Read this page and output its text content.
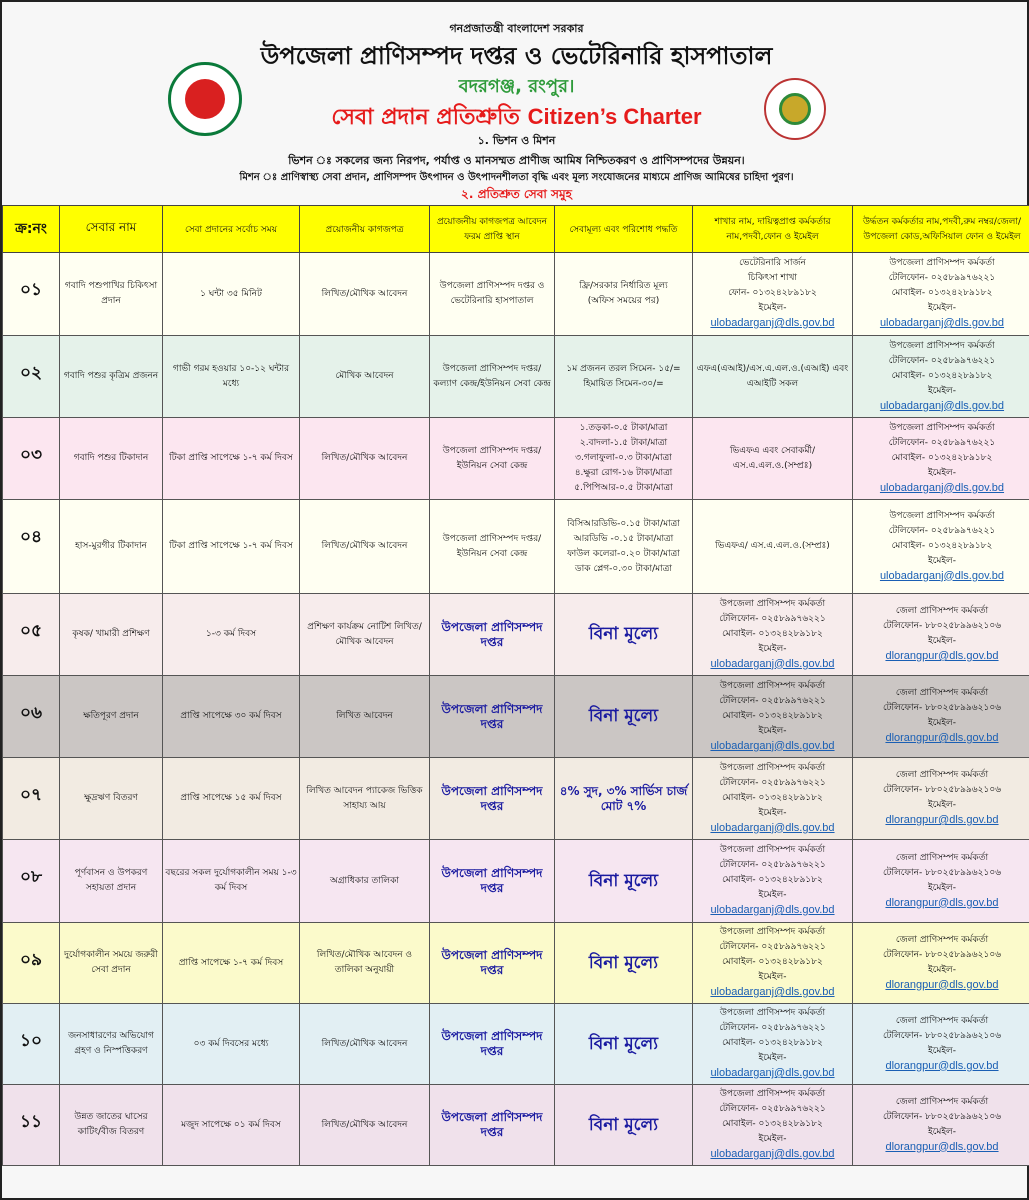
গনপ্রজাতন্ত্রী বাংলাদেশ সরকার
উপজেলা প্রাণিসম্পদ দপ্তর ও ভেটেরিনারি হাসপাতাল
বদরগঞ্জ, রংপুর।
সেবা প্রদান প্রতিশ্রুতি Citizen’s Charter
১. ভিশন ও মিশন
ভিশন ঃ সকলের জন্য নিরপদ, পর্যাপ্ত ও মানসম্মত প্রাণীজ আমিষ নিশ্চিতকরণ ও প্রাণিসম্পদের উন্নয়ন।
মিশন ঃ প্রাণিস্বাস্থ্য সেবা প্রদান, প্রাণিসম্পদ উৎপাদন ও উৎপাদনশীলতা বৃদ্ধি এবং মূল্য সংযোজনের মাধ্যমে প্রাণিজ আমিষের চাহিদা পুরণ।
২. প্রতিশ্রুত সেবা সমুহ
ক্র:নং	সেবার নাম	সেবা প্রদানের সর্বোচ সময়	প্রয়োজনীয় কাগজপত্র	প্রয়োজনীয় কাগজপত্র আবেদন ফরম প্রাপ্তি স্থান	সেবামূল্য এবং পরিশোধ পদ্ধতি	শাখার নাম, দায়িত্বপ্রাপ্ত কর্মকর্তার নাম,পদবী,ফোন ও ইমেইল	উর্দ্ধতন কর্মকর্তার নাম,পদবী,রুম নম্বর/জেলা/উপজেলা কোড,অফিসিয়াল ফোন ও ইমেইল
০১	গবাদি পশুপাখির চিকিৎসা প্রদান	১ ঘন্টা ৩৫ মিনিট	লিখিত/মৌখিক আবেদন	উপজেলা প্রাণিসম্পদ দপ্তর ও ভেটেরিনারি হাসপাতাল	ফ্রি/সরকার নির্ধারিত মূল্য
(অফিস সময়ের পর)	ভেটেরিনারি সার্জন
চিকিৎসা শাখা
ফোন- ০১৩২৪২৮৯১৮২
ইমেইল-
ulobadarganj@dls.gov.bd	উপজেলা প্রাণিসম্পদ কর্মকর্তা
টেলিফোন- ০২৫৮৯৯৭৬২২১
মোবাইল- ০১৩২৪২৮৯১৮২
ইমেইল-
ulobadarganj@dls.gov.bd
০২	গবাদি পশুর কৃত্রিম প্রজনন	গাভী গরম হওয়ার ১০-১২ ঘন্টার মধ্যে	মৌখিক আবেদন	উপজেলা প্রাণিসম্পদ দপ্তর/কল্যাণ কেন্দ্র/ইউনিয়ন সেবা কেন্দ্র	১ম প্রজনন তরল সিমেন- ১৫/=
হিমায়িত সিমেন-৩০/=	এফএ(এআই)/এস.এ.এল.ও.(এআই) এবং এআইটি সকল	উপজেলা প্রাণিসম্পদ কর্মকর্তা
টেলিফোন- ০২৫৮৯৯৭৬২২১
মোবাইল- ০১৩২৪২৮৯১৮২
ইমেইল-
ulobadarganj@dls.gov.bd
০৩	গবাদি পশুর টিকাদান	টিকা প্রাপ্তি সাপেক্ষে ১-৭ কর্ম দিবস	লিখিত/মৌখিক আবেদন	উপজেলা প্রাণিসম্পদ দপ্তর/ইউনিয়ন সেবা কেন্দ্র	১.তড়কা-০.৫ টাকা/মাত্রা
২.বাদলা-১.৫ টাকা/মাত্রা
৩.গলাফুলা-০.৩ টাকা/মাত্রা
৪.ক্ষুরা রোগ-১৬ টাকা/মাত্রা
৫.পিপিআর-০.৫ টাকা/মাত্রা	ভিএফএ এবং সেবাকর্মী/
এস.এ.এল.ও.(সম্প্রঃ)	উপজেলা প্রাণিসম্পদ কর্মকর্তা
টেলিফোন- ০২৫৮৯৯৭৬২২১
মোবাইল- ০১৩২৪২৮৯১৮২
ইমেইল-
ulobadarganj@dls.gov.bd
০৪	হাস-মুরগীর টিকাদান	টিকা প্রাপ্তি সাপেক্ষে ১-৭ কর্ম দিবস	লিখিত/মৌখিক আবেদন	উপজেলা প্রাণিসম্পদ দপ্তর/ইউনিয়ন সেবা কেন্দ্র	বিসিআরডিভি-০.১৫ টাকা/মাত্রা
আরডিভি -০.১৫ টাকা/মাত্রা
ফাউল কলেরা-০.২০ টাকা/মাত্রা
ডাক প্লেগ-০.৩০ টাকা/মাত্রা	ভিএফএ/ এস.এ.এল.ও.(সম্প্রঃ)	উপজেলা প্রাণিসম্পদ কর্মকর্তা
টেলিফোন- ০২৫৮৯৯৭৬২২১
মোবাইল- ০১৩২৪২৮৯১৮২
ইমেইল-
ulobadarganj@dls.gov.bd
০৫	কৃষক/ খামারী প্রশিক্ষণ	১-৩ কর্ম দিবস	প্রশিক্ষণ কার্যক্রম নোটিশ লিখিত/মৌখিক আবেদন	উপজেলা প্রাণিসম্পদ দপ্তর	বিনা মূল্যে	উপজেলা প্রাণিসম্পদ কর্মকর্তা
টেলিফোন- ০২৫৮৯৯৭৬২২১
মোবাইল- ০১৩২৪২৮৯১৮২
ইমেইল-
ulobadarganj@dls.gov.bd	জেলা প্রাণিসম্পদ কর্মকর্তা
টেলিফোন- ৮৮০২৫৮৯৯৬২১০৬
ইমেইল-
dlorangpur@dls.gov.bd
০৬	ক্ষতিপূরণ প্রদান	প্রাপ্তি সাপেক্ষে ৩০ কর্ম দিবস	লিখিত আবেদন	উপজেলা প্রাণিসম্পদ দপ্তর	বিনা মূল্যে	উপজেলা প্রাণিসম্পদ কর্মকর্তা
টেলিফোন- ০২৫৮৯৯৭৬২২১
মোবাইল- ০১৩২৪২৮৯১৮২
ইমেইল-
ulobadarganj@dls.gov.bd	জেলা প্রাণিসম্পদ কর্মকর্তা
টেলিফোন- ৮৮০২৫৮৯৯৬২১০৬
ইমেইল-
dlorangpur@dls.gov.bd
০৭	ক্ষুদ্রঋণ বিতরণ	প্রাপ্তি সাপেক্ষে ১৫ কর্ম দিবস	লিখিত আবেদন প্যাকেজ ভিত্তিক সাহায্য আয়	উপজেলা প্রাণিসম্পদ দপ্তর	৪% সুদ, ৩% সার্ভিস চার্জ
মোট ৭%	উপজেলা প্রাণিসম্পদ কর্মকর্তা
টেলিফোন- ০২৫৮৯৯৭৬২২১
মোবাইল- ০১৩২৪২৮৯১৮২
ইমেইল-
ulobadarganj@dls.gov.bd	জেলা প্রাণিসম্পদ কর্মকর্তা
টেলিফোন- ৮৮০২৫৮৯৯৬২১০৬
ইমেইল-
dlorangpur@dls.gov.bd
০৮	পূর্ণবাসন ও উপকরণ সহায়তা প্রদান	বছরের সকল দুর্যোগকালীন সময় ১-৩ কর্ম দিবস	অগ্রাধিকার তালিকা	উপজেলা প্রাণিসম্পদ দপ্তর	বিনা মূল্যে	উপজেলা প্রাণিসম্পদ কর্মকর্তা
টেলিফোন- ০২৫৮৯৯৭৬২২১
মোবাইল- ০১৩২৪২৮৯১৮২
ইমেইল-
ulobadarganj@dls.gov.bd	জেলা প্রাণিসম্পদ কর্মকর্তা
টেলিফোন- ৮৮০২৫৮৯৯৬২১০৬
ইমেইল-
dlorangpur@dls.gov.bd
০৯	দুর্যোগকালীন সময়ে জরুরী সেবা প্রদান	প্রাপ্তি সাপেক্ষে ১-৭ কর্ম দিবস	লিখিত/মৌখিক আবেদন ও তালিকা অনুযায়ী	উপজেলা প্রাণিসম্পদ দপ্তর	বিনা মূল্যে	উপজেলা প্রাণিসম্পদ কর্মকর্তা
টেলিফোন- ০২৫৮৯৯৭৬২২১
মোবাইল- ০১৩২৪২৮৯১৮২
ইমেইল-
ulobadarganj@dls.gov.bd	জেলা প্রাণিসম্পদ কর্মকর্তা
টেলিফোন- ৮৮০২৫৮৯৯৬২১০৬
ইমেইল-
dlorangpur@dls.gov.bd
১০	জনসাধারণের অভিযোগ গ্রহণ ও নিস্পত্তিকরণ	০৩ কর্ম দিবসের মধ্যে	লিখিত/মৌখিক আবেদন	উপজেলা প্রাণিসম্পদ দপ্তর	বিনা মূল্যে	উপজেলা প্রাণিসম্পদ কর্মকর্তা
টেলিফোন- ০২৫৮৯৯৭৬২২১
মোবাইল- ০১৩২৪২৮৯১৮২
ইমেইল-
ulobadarganj@dls.gov.bd	জেলা প্রাণিসম্পদ কর্মকর্তা
টেলিফোন- ৮৮০২৫৮৯৯৬২১০৬
ইমেইল-
dlorangpur@dls.gov.bd
১১	উন্নত জাতের ঘাসের কাটিং/বীজ বিতরণ	মজুদ সাপেক্ষে ০১ কর্ম দিবস	লিখিত/মৌখিক আবেদন	উপজেলা প্রাণিসম্পদ দপ্তর	বিনা মূল্যে	উপজেলা প্রাণিসম্পদ কর্মকর্তা
টেলিফোন- ০২৫৮৯৯৭৬২২১
মোবাইল- ০১৩২৪২৮৯১৮২
ইমেইল-
ulobadarganj@dls.gov.bd	জেলা প্রাণিসম্পদ কর্মকর্তা
টেলিফোন- ৮৮০২৫৮৯৯৬২১০৬
ইমেইল-
dlorangpur@dls.gov.bd
